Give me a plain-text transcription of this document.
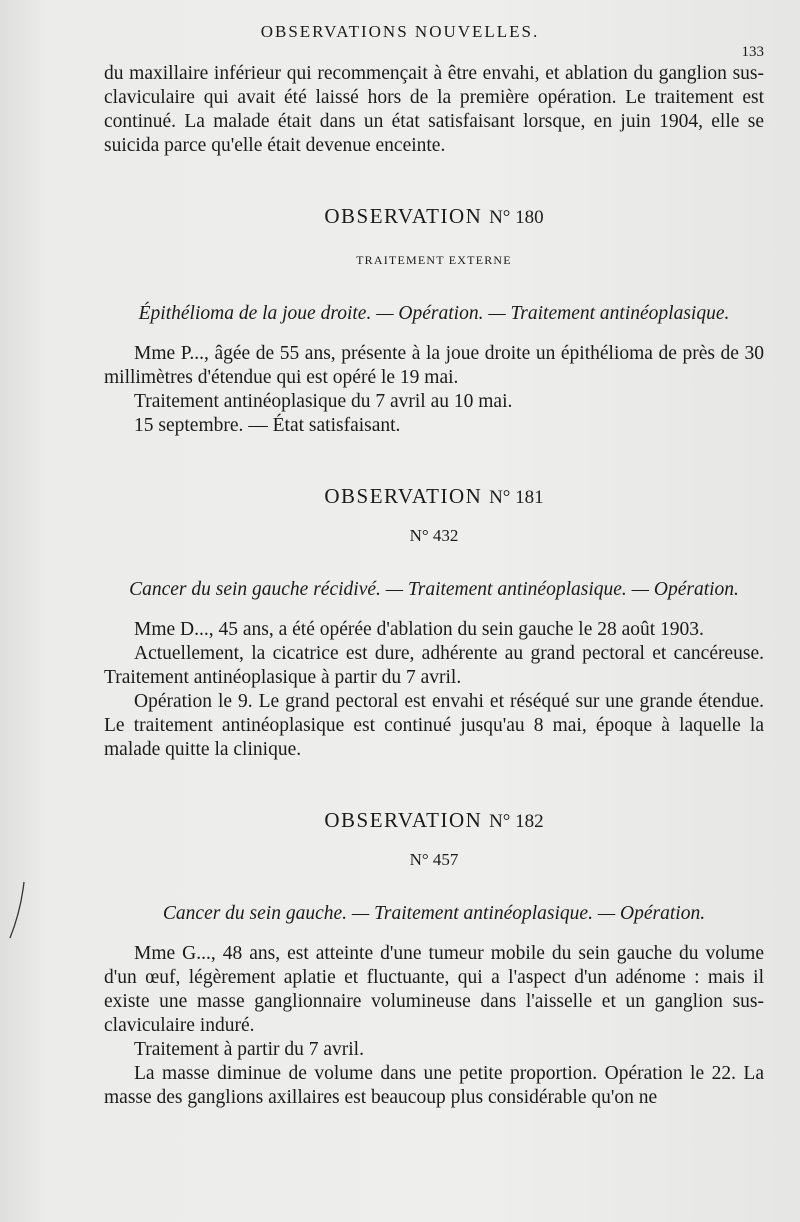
OBSERVATIONS NOUVELLES.
133

du maxillaire inférieur qui recommençait à être envahi, et ablation du ganglion sus-claviculaire qui avait été laissé hors de la première opération. Le traitement est continué. La malade était dans un état satisfaisant lorsque, en juin 1904, elle se suicida parce qu'elle était devenue enceinte.

OBSERVATION N° 180
TRAITEMENT EXTERNE
Épithélioma de la joue droite. — Opération. — Traitement antinéoplasique.

Mme P..., âgée de 55 ans, présente à la joue droite un épithélioma de près de 30 millimètres d'étendue qui est opéré le 19 mai.

Traitement antinéoplasique du 7 avril au 10 mai.

15 septembre. — État satisfaisant.

OBSERVATION N° 181
N° 432
Cancer du sein gauche récidivé. — Traitement antinéoplasique. — Opération.

Mme D..., 45 ans, a été opérée d'ablation du sein gauche le 28 août 1903.

Actuellement, la cicatrice est dure, adhérente au grand pectoral et cancéreuse. Traitement antinéoplasique à partir du 7 avril.

Opération le 9. Le grand pectoral est envahi et réséqué sur une grande étendue. Le traitement antinéoplasique est continué jusqu'au 8 mai, époque à laquelle la malade quitte la clinique.

OBSERVATION N° 182
N° 457
Cancer du sein gauche. — Traitement antinéoplasique. — Opération.

Mme G..., 48 ans, est atteinte d'une tumeur mobile du sein gauche du volume d'un œuf, légèrement aplatie et fluctuante, qui a l'aspect d'un adénome : mais il existe une masse ganglionnaire volumineuse dans l'aisselle et un ganglion sus-claviculaire induré.

Traitement à partir du 7 avril.

La masse diminue de volume dans une petite proportion. Opération le 22. La masse des ganglions axillaires est beaucoup plus considérable qu'on ne
